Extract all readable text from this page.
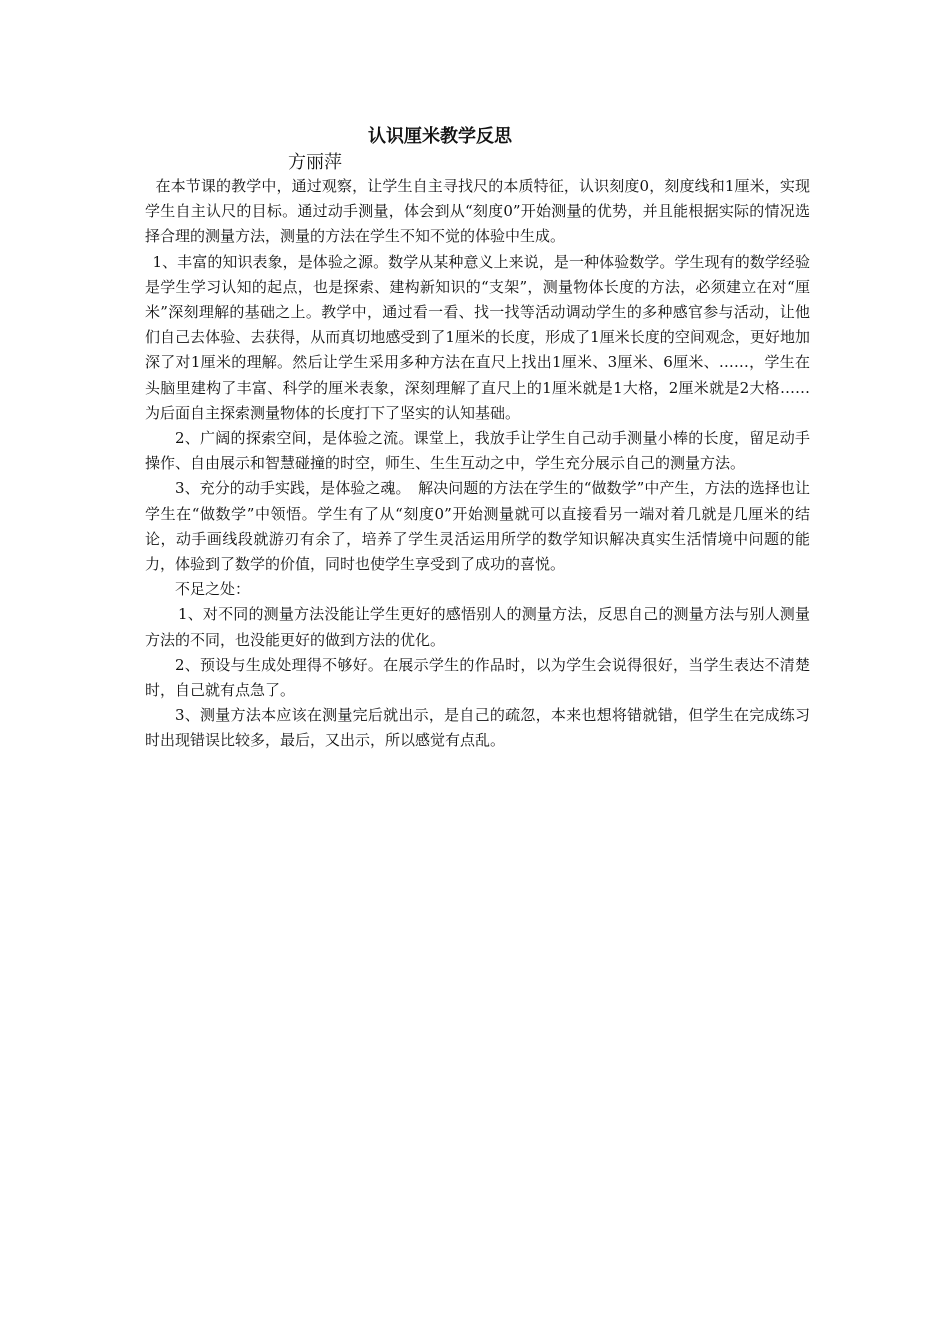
认识厘米教学反思
方丽萍

在本节课的教学中，通过观察，让学生自主寻找尺的本质特征，认识刻度0，刻度线和1厘米，实现学生自主认尺的目标。通过动手测量，体会到从“刻度0”开始测量的优势，并且能根据实际的情况选择合理的测量方法，测量的方法在学生不知不觉的体验中生成。

1、丰富的知识表象，是体验之源。数学从某种意义上来说，是一种体验数学。学生现有的数学经验是学生学习认知的起点，也是探索、建构新知识的“支架”，测量物体长度的方法，必须建立在对“厘米”深刻理解的基础之上。教学中，通过看一看、找一找等活动调动学生的多种感官参与活动，让他们自己去体验、去获得，从而真切地感受到了1厘米的长度，形成了1厘米长度的空间观念，更好地加深了对1厘米的理解。然后让学生采用多种方法在直尺上找出1厘米、3厘米、6厘米、……，学生在头脑里建构了丰富、科学的厘米表象，深刻理解了直尺上的1厘米就是1大格，2厘米就是2大格……为后面自主探索测量物体的长度打下了坚实的认知基础。

2、广阔的探索空间，是体验之流。课堂上，我放手让学生自己动手测量小棒的长度，留足动手操作、自由展示和智慧碰撞的时空，师生、生生互动之中，学生充分展示自己的测量方法。

3、充分的动手实践，是体验之魂。　解决问题的方法在学生的“做数学”中产生，方法的选择也让学生在“做数学”中领悟。学生有了从“刻度0”开始测量就可以直接看另一端对着几就是几厘米的结论，动手画线段就游刃有余了，培养了学生灵活运用所学的数学知识解决真实生活情境中问题的能力，体验到了数学的价值，同时也使学生享受到了成功的喜悦。

不足之处：

1、对不同的测量方法没能让学生更好的感悟别人的测量方法，反思自己的测量方法与别人测量方法的不同，也没能更好的做到方法的优化。

2、预设与生成处理得不够好。在展示学生的作品时，以为学生会说得很好，当学生表达不清楚时，自己就有点急了。

3、测量方法本应该在测量完后就出示，是自己的疏忽，本来也想将错就错，但学生在完成练习时出现错误比较多，最后，又出示，所以感觉有点乱。
